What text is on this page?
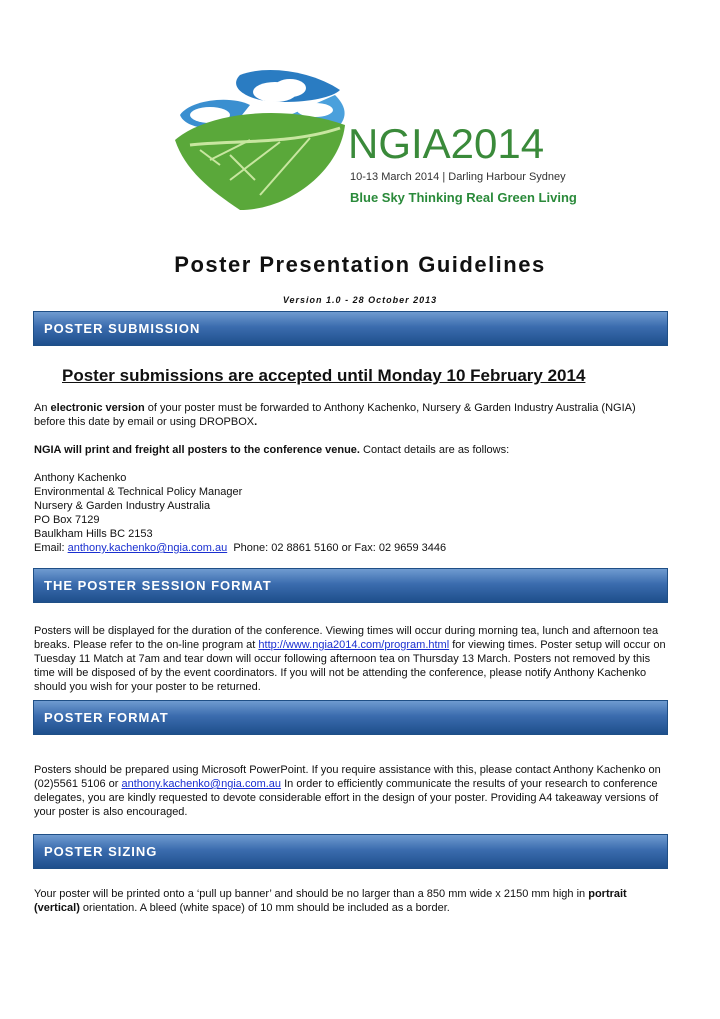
NGIA2014
10-13 March 2014 | Darling Harbour Sydney
Blue Sky Thinking Real Green Living
Poster Presentation Guidelines
Version 1.0 - 28 October 2013
POSTER SUBMISSION
Poster submissions are accepted until Monday 10 February 2014
An electronic version of your poster must be forwarded to Anthony Kachenko, Nursery & Garden Industry Australia (NGIA) before this date by email or using DROPBOX.
NGIA will print and freight all posters to the conference venue. Contact details are as follows:
Anthony Kachenko
Environmental & Technical Policy Manager
Nursery & Garden Industry Australia
PO Box 7129
Baulkham Hills BC 2153
Email: anthony.kachenko@ngia.com.au  Phone: 02 8861 5160 or Fax: 02 9659 3446
THE POSTER SESSION FORMAT
Posters will be displayed for the duration of the conference. Viewing times will occur during morning tea, lunch and afternoon tea breaks. Please refer to the on-line program at http://www.ngia2014.com/program.html for viewing times. Poster setup will occur on Tuesday 11 Match at 7am and tear down will occur following afternoon tea on Thursday 13 March. Posters not removed by this time will be disposed of by the event coordinators. If you will not be attending the conference, please notify Anthony Kachenko should you wish for your poster to be returned.
POSTER FORMAT
Posters should be prepared using Microsoft PowerPoint. If you require assistance with this, please contact Anthony Kachenko on (02)5561 5106 or anthony.kachenko@ngia.com.au In order to efficiently communicate the results of your research to conference delegates, you are kindly requested to devote considerable effort in the design of your poster. Providing A4 takeaway versions of your poster is also encouraged.
POSTER SIZING
Your poster will be printed onto a ‘pull up banner’ and should be no larger than a 850 mm wide x 2150 mm high in portrait (vertical) orientation. A bleed (white space) of 10 mm should be included as a border.
